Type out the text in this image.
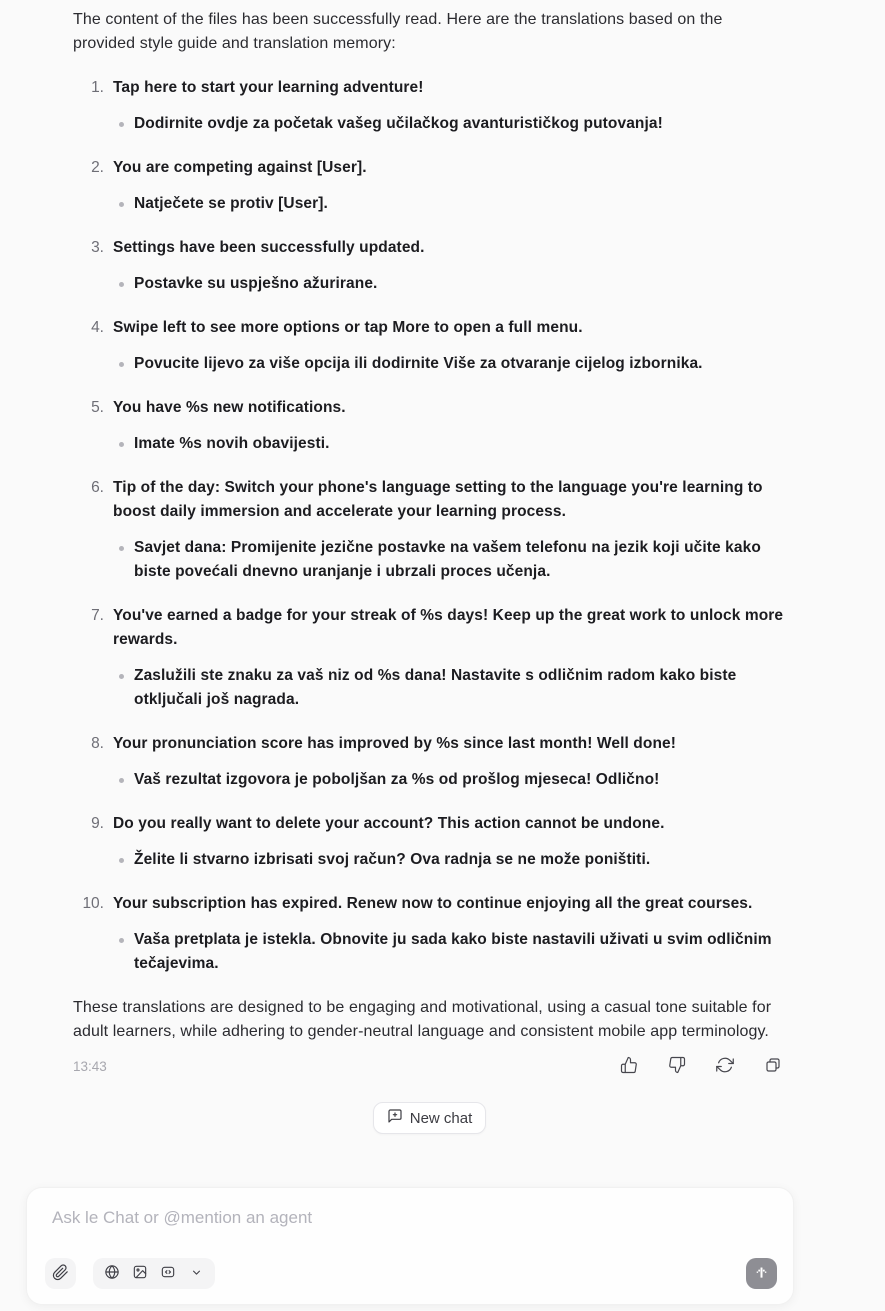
The content of the files has been successfully read. Here are the translations based on the provided style guide and translation memory:

1. Tap here to start your learning adventure!
Dodirnite ovdje za početak vašeg učilačkog avanturističkog putovanja!
2. You are competing against [User].
Natječete se protiv [User].
3. Settings have been successfully updated.
Postavke su uspješno ažurirane.
4. Swipe left to see more options or tap More to open a full menu.
Povucite lijevo za više opcija ili dodirnite Više za otvaranje cijelog izbornika.
5. You have %s new notifications.
Imate %s novih obavijesti.
6. Tip of the day: Switch your phone's language setting to the language you're learning to boost daily immersion and accelerate your learning process.
Savjet dana: Promijenite jezične postavke na vašem telefonu na jezik koji učite kako biste povećali dnevno uranjanje i ubrzali proces učenja.
7. You've earned a badge for your streak of %s days! Keep up the great work to unlock more rewards.
Zaslužili ste znaku za vaš niz od %s dana! Nastavite s odličnim radom kako biste otključali još nagrada.
8. Your pronunciation score has improved by %s since last month! Well done!
Vaš rezultat izgovora je poboljšan za %s od prošlog mjeseca! Odlično!
9. Do you really want to delete your account? This action cannot be undone.
Želite li stvarno izbrisati svoj račun? Ova radnja se ne može poništiti.
10. Your subscription has expired. Renew now to continue enjoying all the great courses.
Vaša pretplata je istekla. Obnovite ju sada kako biste nastavili uživati u svim odličnim tečajevima.

These translations are designed to be engaging and motivational, using a casual tone suitable for adult learners, while adhering to gender-neutral language and consistent mobile app terminology.

13:43
New chat
Ask le Chat or @mention an agent
